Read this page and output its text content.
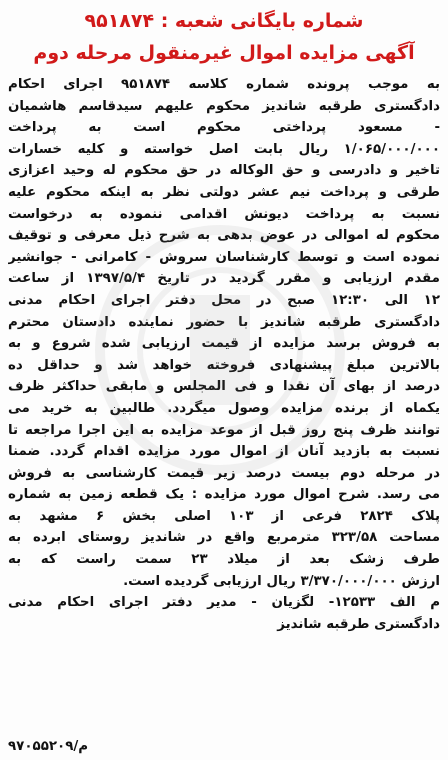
شماره بایگانی شعبه : ۹۵۱۸۷۴
آگهی مزایده اموال غیرمنقول مرحله دوم
به موجب پرونده شماره کلاسه ۹۵۱۸۷۴ اجرای احکام
دادگستری طرقبه شاندیز محکوم علیهم سیدقاسم هاشمیان
- مسعود پرداختی محکوم است به پرداخت
۱/۰۶۵/۰۰۰/۰۰۰ ریال بابت اصل خواسته و کلیه خسارات
تاخیر و دادرسی و حق الوکاله در حق محکوم له وحید اعزازی
طرقی و پرداخت نیم عشر دولتی نظر به اینکه محکوم علیه
نسبت به پرداخت دیونش اقدامی ننموده به درخواست
محکوم له اموالی در عوض بدهی به شرح ذیل معرفی و توقیف
نموده است و توسط کارشناسان سروش - کامرانی - جوانشیر
مقدم ارزیابی و مقرر گردید در تاریخ ۱۳۹۷/۵/۴ از ساعت
۱۲ الی ۱۲:۳۰ صبح در محل دفتر اجرای احکام مدنی
دادگستری طرقبه شاندیز با حضور نماینده دادستان محترم
به فروش برسد مزایده از قیمت ارزیابی شده شروع و به
بالاترین مبلغ پیشنهادی فروخته خواهد شد و حداقل ده
درصد از بهای آن نقدا و فی المجلس و مابقی حداکثر ظرف
یکماه از برنده مزایده وصول میگردد. طالبین به خرید می
توانند ظرف پنج روز قبل از موعد مزایده به این اجرا مراجعه تا
نسبت به بازدید آنان از اموال مورد مزایده اقدام گردد. ضمنا
در مرحله دوم بیست درصد زیر قیمت کارشناسی به فروش
می رسد. شرح اموال مورد مزایده : یک قطعه زمین به شماره
پلاک ۲۸۲۴ فرعی از ۱۰۳ اصلی بخش ۶ مشهد به
مساحت ۳۲۳/۵۸ مترمربع واقع در شاندیز روستای ابرده به
طرف زشک بعد از میلاد ۲۳ سمت راست که به
ارزش ۳/۳۷۰/۰۰۰/۰۰۰ ریال ارزیابی گردیده است.
م الف ۱۲۵۳۳- لگزیان - مدیر دفتر اجرای احکام مدنی
دادگستری طرقبه شاندیز
م/۹۷۰۵۵۲۰۹
